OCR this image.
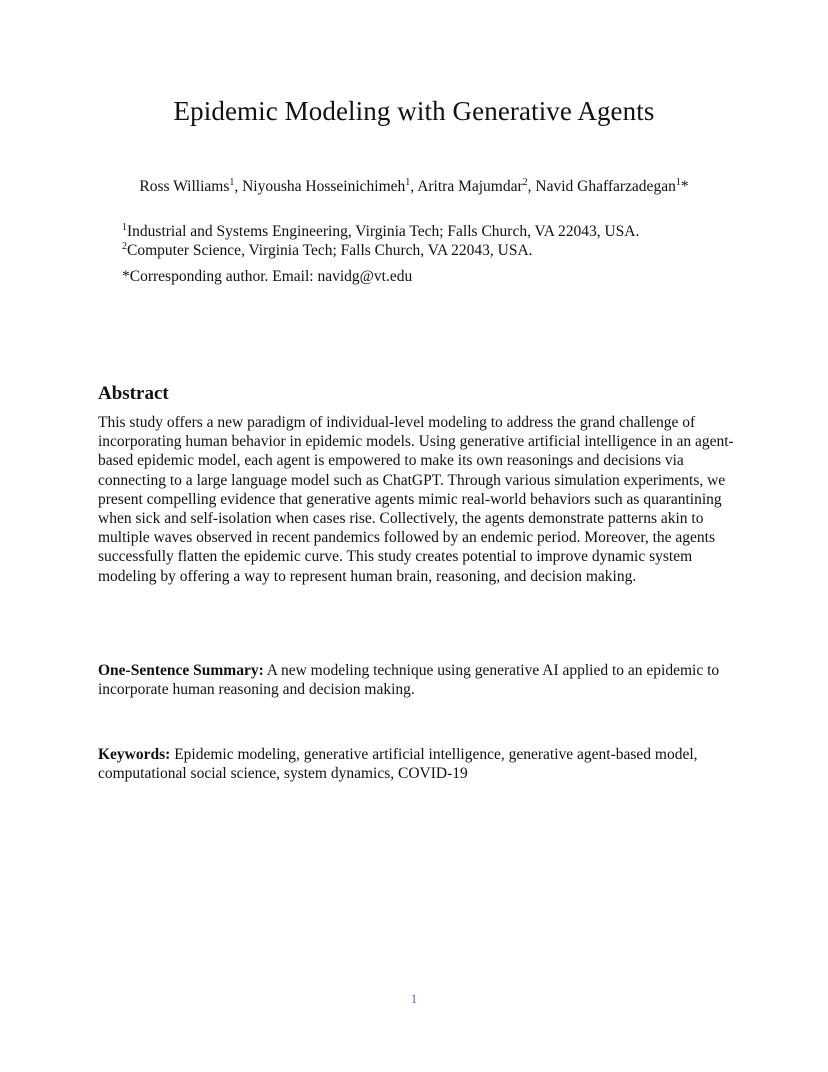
Epidemic Modeling with Generative Agents

Ross Williams$^1$, Niyousha Hosseinichimeh$^1$, Aritra Majumdar$^2$, Navid Ghaffarzadegan$^1$*

$^1$Industrial and Systems Engineering, Virginia Tech; Falls Church, VA 22043, USA.

$^2$Computer Science, Virginia Tech; Falls Church, VA 22043, USA.

*Corresponding author. Email: navidg@vt.edu

Abstract

This study offers a new paradigm of individual-level modeling to address the grand challenge of incorporating human behavior in epidemic models. Using generative artificial intelligence in an agent-based epidemic model, each agent is empowered to make its own reasonings and decisions via connecting to a large language model such as ChatGPT. Through various simulation experiments, we present compelling evidence that generative agents mimic real-world behaviors such as quarantining when sick and self-isolation when cases rise. Collectively, the agents demonstrate patterns akin to multiple waves observed in recent pandemics followed by an endemic period. Moreover, the agents successfully flatten the epidemic curve. This study creates potential to improve dynamic system modeling by offering a way to represent human brain, reasoning, and decision making.

One-Sentence Summary: A new modeling technique using generative AI applied to an epidemic to incorporate human reasoning and decision making.

Keywords: Epidemic modeling, generative artificial intelligence, generative agent-based model, computational social science, system dynamics, COVID-19

1
